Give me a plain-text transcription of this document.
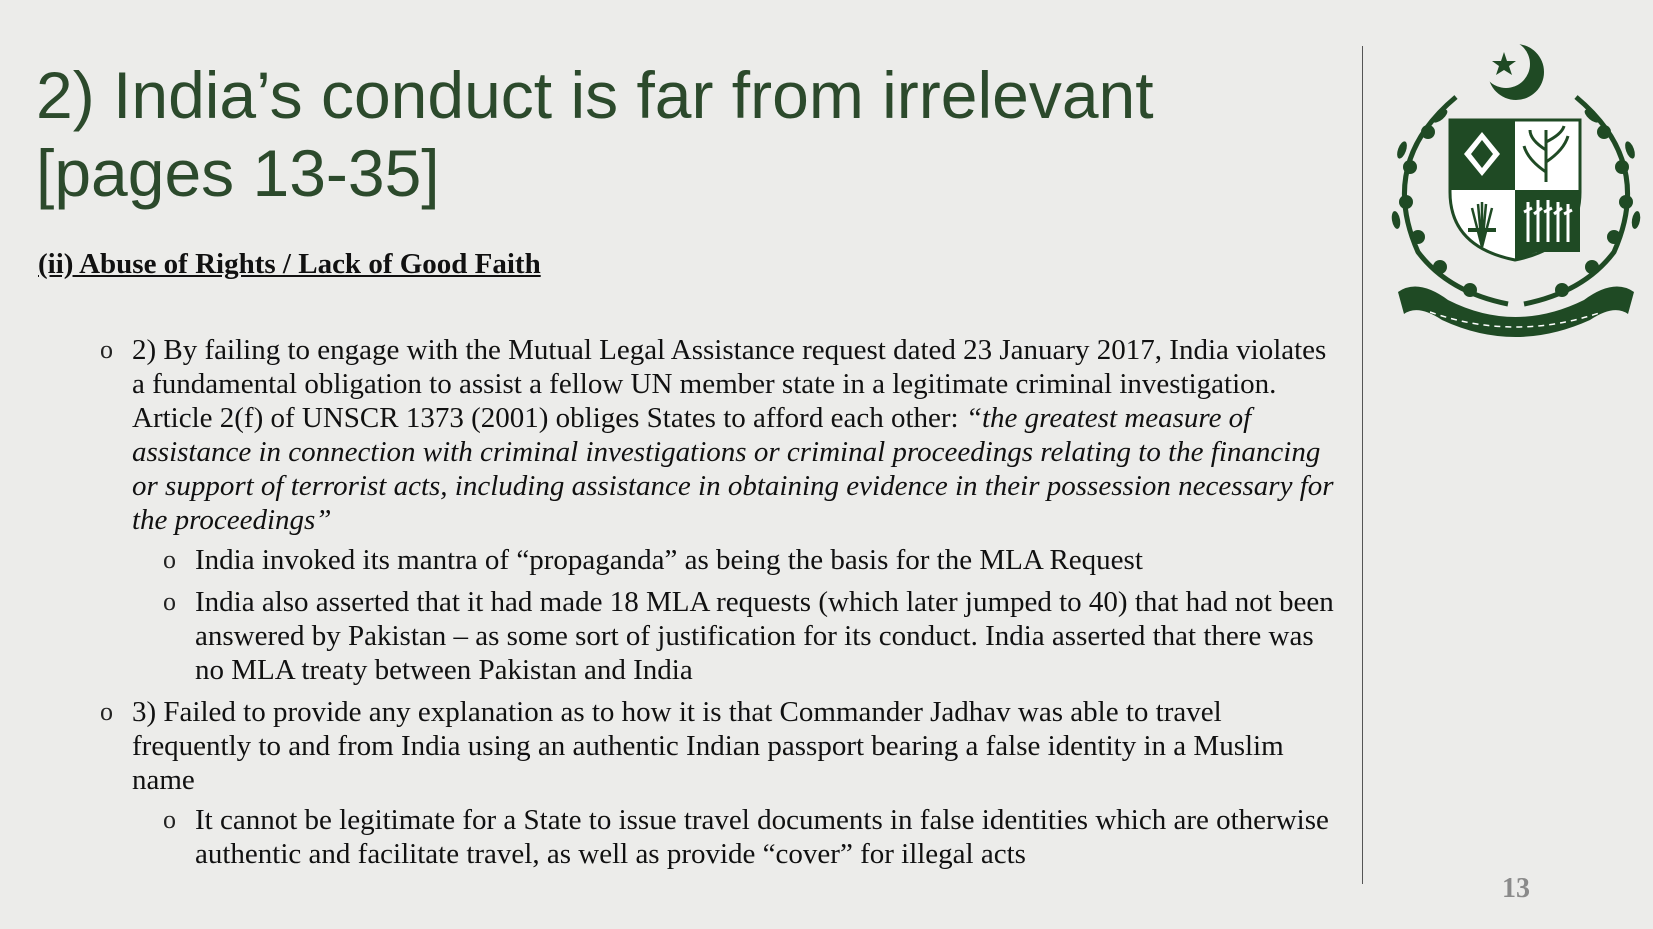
2) India’s conduct is far from irrelevant
[pages 13-35]

(ii) Abuse of Rights / Lack of Good Faith

o 2) By failing to engage with the Mutual Legal Assistance request dated 23 January 2017, India violates a fundamental obligation to assist a fellow UN member state in a legitimate criminal investigation. Article 2(f) of UNSCR 1373 (2001) obliges States to afford each other: “the greatest measure of assistance in connection with criminal investigations or criminal proceedings relating to the financing or support of terrorist acts, including assistance in obtaining evidence in their possession necessary for the proceedings”
o India invoked its mantra of “propaganda” as being the basis for the MLA Request
o India also asserted that it had made 18 MLA requests (which later jumped to 40) that had not been answered by Pakistan – as some sort of justification for its conduct. India asserted that there was no MLA treaty between Pakistan and India
o 3) Failed to provide any explanation as to how it is that Commander Jadhav was able to travel frequently to and from India using an authentic Indian passport bearing a false identity in a Muslim name
o It cannot be legitimate for a State to issue travel documents in false identities which are otherwise authentic and facilitate travel, as well as provide “cover” for illegal acts
13
